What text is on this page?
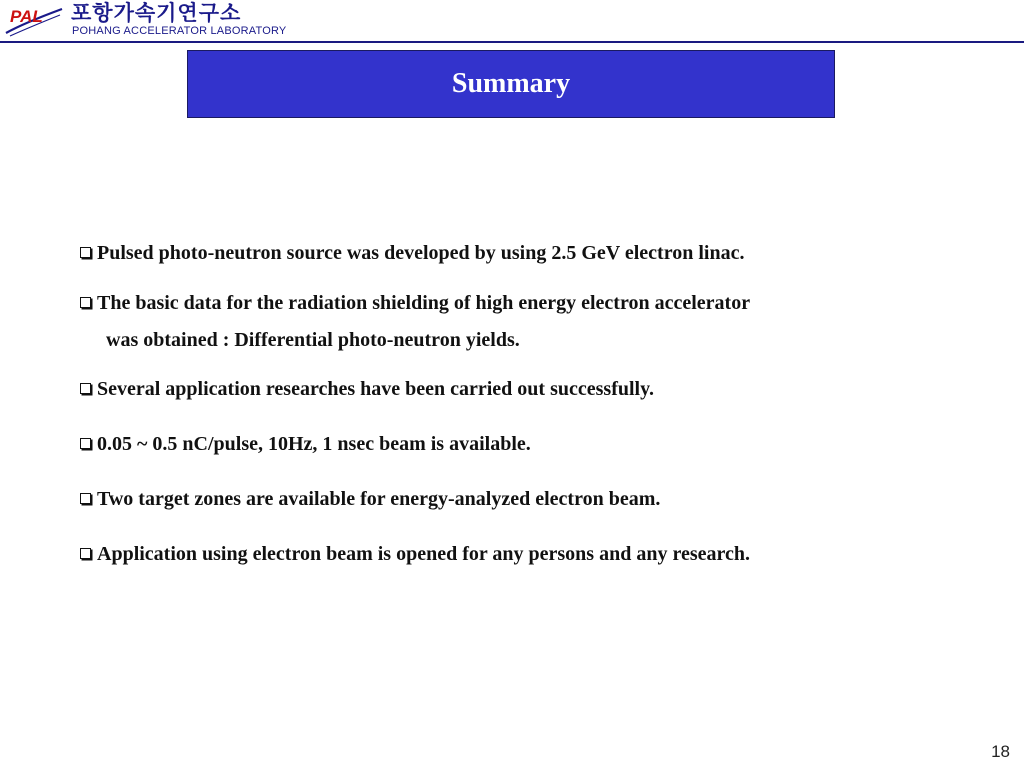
PAL 포항가속기연구소
POHANG ACCELERATOR LABORATORY
Summary
Pulsed photo-neutron source was developed by using 2.5 GeV electron linac.
The basic data for the radiation shielding of high energy electron accelerator
was obtained : Differential photo-neutron yields.
Several application researches have been carried out successfully.
0.05 ~ 0.5 nC/pulse, 10Hz, 1 nsec beam is available.
Two target zones are available for energy-analyzed electron beam.
Application using electron beam is opened for any persons and any research.
18
